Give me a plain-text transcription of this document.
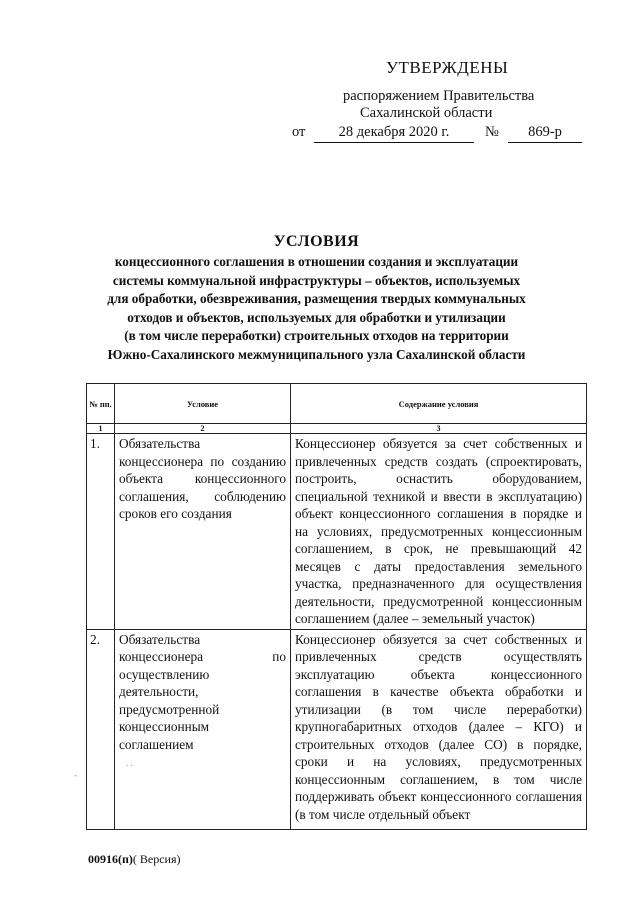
УТВЕРЖДЕНЫ
распоряжением Правительства
Сахалинской области
от	28 декабря 2020 г.	№	869-р
УСЛОВИЯ
концессионного соглашения в отношении создания и эксплуатации
системы коммунальной инфраструктуры – объектов, используемых
для обработки, обезвреживания, размещения твердых коммунальных
отходов и объектов, используемых для обработки и утилизации
(в том числе переработки) строительных отходов на территории
Южно-Сахалинского межмуниципального узла Сахалинской области
№ пп.	Условие	Содержание условия
1	2	3
1.	Обязательства концессионера по созданию объекта концессионного соглашения, соблюдению сроков его создания	Концессионер обязуется за счет собственных и привлеченных средств создать (спроектировать, построить, оснастить оборудованием, специальной техникой и ввести в эксплуатацию) объект концессионного соглашения в порядке и на условиях, предусмотренных концессионным соглашением, в срок, не превышающий 42 месяцев с даты предоставления земельного участка, предназначенного для осуществления деятельности, предусмотренной концессионным соглашением (далее – земельный участок)
2.	Обязательства концессионера по осуществлению деятельности, предусмотренной концессионным соглашением	Концессионер обязуется за счет собственных и привлеченных средств осуществлять эксплуатацию объекта концессионного соглашения в качестве объекта обработки и утилизации (в том числе переработки) крупногабаритных отходов (далее – КГО) и строительных отходов (далее СО) в порядке, сроки и на условиях, предусмотренных концессионным соглашением, в том числе поддерживать объект концессионного соглашения (в том числе отдельный объект
-
. .
00916(п)( Версия)
